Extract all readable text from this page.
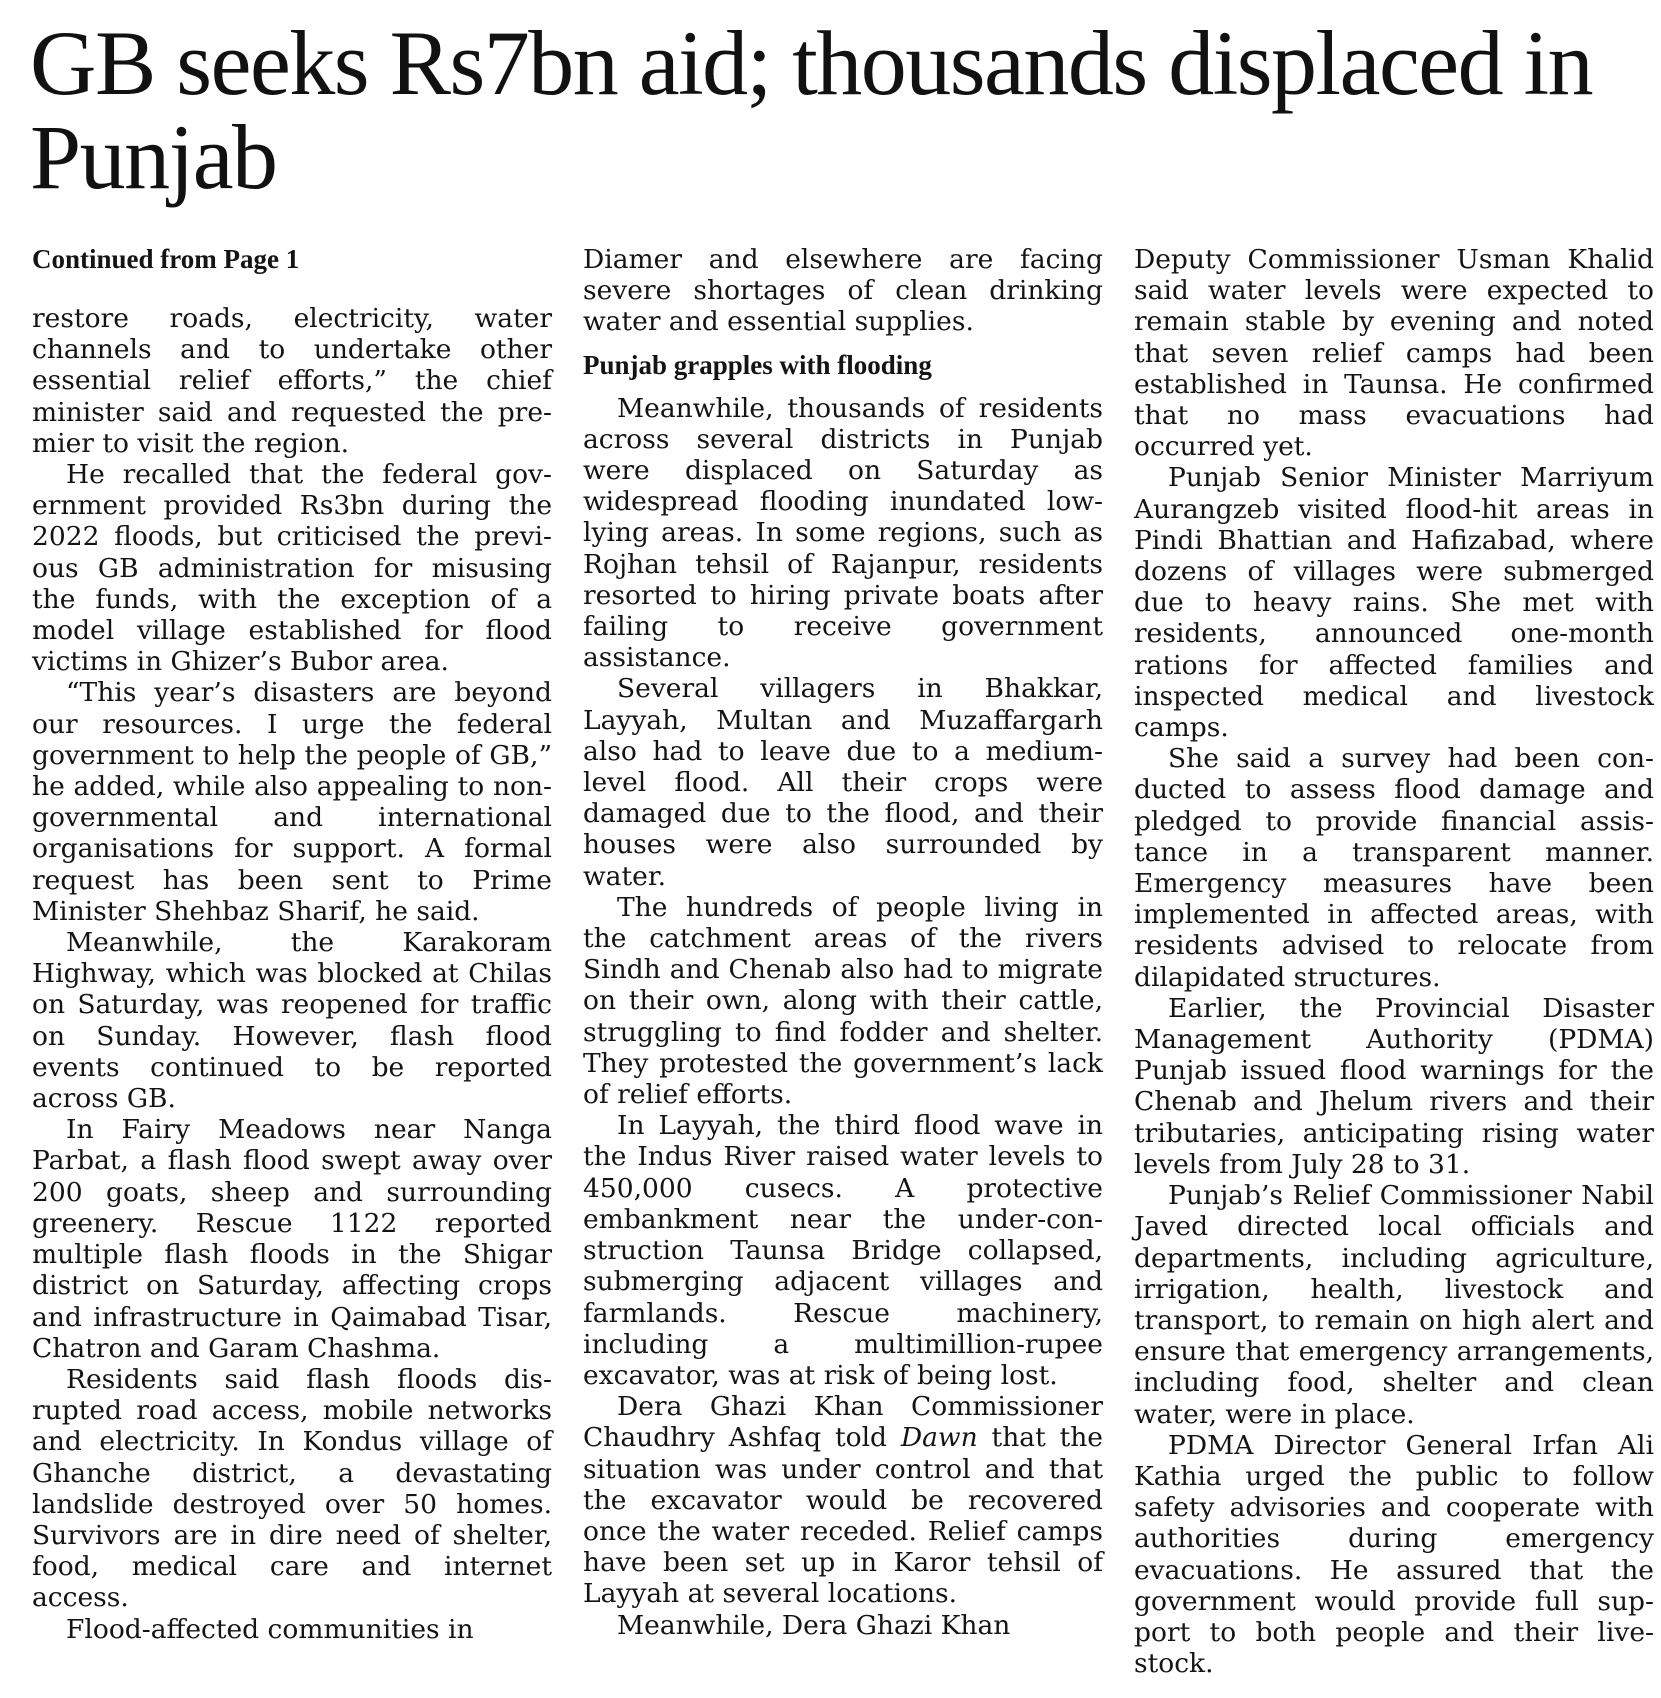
GB seeks Rs7bn aid; thousands displaced in Punjab
Continued from Page 1

restore roads, electricity, water channels and to undertake other essential relief efforts,” the chief minister said and requested the premier to visit the region.

He recalled that the federal government provided Rs3bn during the 2022 floods, but criticised the previous GB administration for misusing the funds, with the exception of a model village established for flood victims in Ghizer’s Bubor area.

“This year’s disasters are beyond our resources. I urge the federal government to help the people of GB,” he added, while also appealing to non-governmental and international organisations for support. A formal request has been sent to Prime Minister Shehbaz Sharif, he said.

Meanwhile, the Karakoram Highway, which was blocked at Chilas on Saturday, was reopened for traffic on Sunday. However, flash flood events continued to be reported across GB.

In Fairy Meadows near Nanga Parbat, a flash flood swept away over 200 goats, sheep and surrounding greenery. Rescue 1122 reported multiple flash floods in the Shigar district on Saturday, affecting crops and infrastructure in Qaimabad Tisar, Chatron and Garam Chashma.

Residents said flash floods disrupted road access, mobile networks and electricity. In Kondus village of Ghanche district, a devastating landslide destroyed over 50 homes. Survivors are in dire need of shelter, food, medical care and internet access.

Flood-affected communities in

Diamer and elsewhere are facing severe shortages of clean drinking water and essential supplies.

Punjab grapples with flooding

Meanwhile, thousands of residents across several districts in Punjab were displaced on Saturday as widespread flooding inundated low-lying areas. In some regions, such as Rojhan tehsil of Rajanpur, residents resorted to hiring private boats after failing to receive government assistance.

Several villagers in Bhakkar, Layyah, Multan and Muzaffargarh also had to leave due to a medium-level flood. All their crops were damaged due to the flood, and their houses were also surrounded by water.

The hundreds of people living in the catchment areas of the rivers Sindh and Chenab also had to migrate on their own, along with their cattle, struggling to find fodder and shelter. They protested the government’s lack of relief efforts.

In Layyah, the third flood wave in the Indus River raised water levels to 450,000 cusecs. A protective embankment near the under-construction Taunsa Bridge collapsed, submerging adjacent villages and farmlands. Rescue machinery, including a multimillion-rupee excavator, was at risk of being lost.

Dera Ghazi Khan Commissioner Chaudhry Ashfaq told Dawn that the situation was under control and that the excavator would be recovered once the water receded. Relief camps have been set up in Karor tehsil of Layyah at several locations.

Meanwhile, Dera Ghazi Khan

Deputy Commissioner Usman Khalid said water levels were expected to remain stable by evening and noted that seven relief camps had been established in Taunsa. He confirmed that no mass evacuations had occurred yet.

Punjab Senior Minister Marriyum Aurangzeb visited flood-hit areas in Pindi Bhattian and Hafizabad, where dozens of villages were submerged due to heavy rains. She met with residents, announced one-month rations for affected families and inspected medical and livestock camps.

She said a survey had been conducted to assess flood damage and pledged to provide financial assistance in a transparent manner. Emergency measures have been implemented in affected areas, with residents advised to relocate from dilapidated structures.

Earlier, the Provincial Disaster Management Authority (PDMA) Punjab issued flood warnings for the Chenab and Jhelum rivers and their tributaries, anticipating rising water levels from July 28 to 31.

Punjab’s Relief Commissioner Nabil Javed directed local officials and departments, including agriculture, irrigation, health, livestock and transport, to remain on high alert and ensure that emergency arrangements, including food, shelter and clean water, were in place.

PDMA Director General Irfan Ali Kathia urged the public to follow safety advisories and cooperate with authorities during emergency evacuations. He assured that the government would provide full support to both people and their livestock.
